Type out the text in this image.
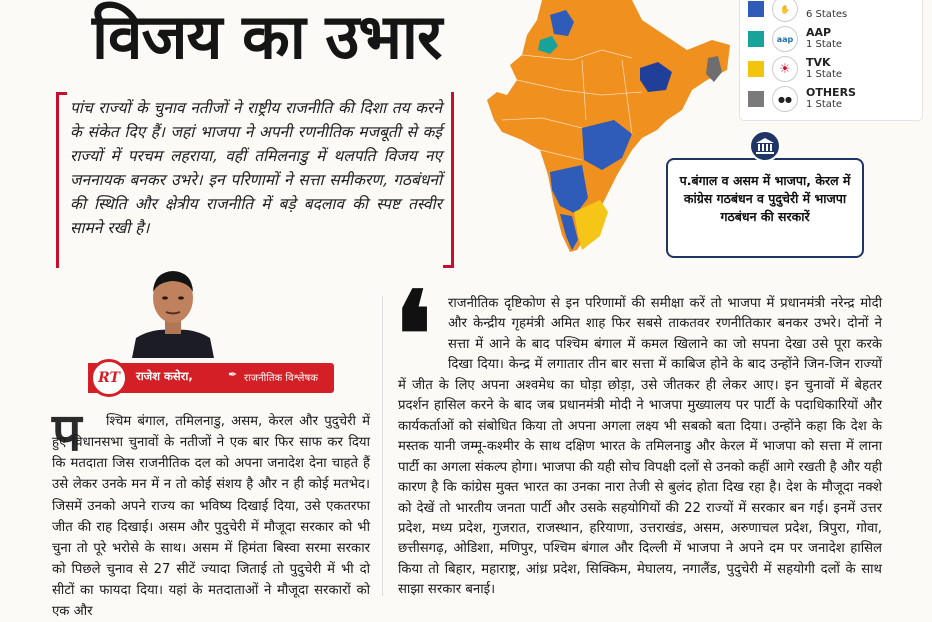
विजय का उभार	✋	6 States
aap	AAP
1 State
☀	TVK
1 State
●●	OTHERS
1 State
प.बंगाल व असम में भाजपा, केरल में कांग्रेस गठबंधन व पुदुचेरी में भाजपा गठबंधन की सरकारें
पांच राज्यों के चुनाव नतीजों ने राष्ट्रीय राजनीति की दिशा तय करने के संकेत दिए हैं। जहां भाजपा ने अपनी रणनीतिक मजबूती से कई राज्यों में परचम लहराया, वहीं तमिलनाडु में थलपति विजय नए जननायक बनकर उभरे। इन परिणामों ने सत्ता समीकरण, गठबंधनों की स्थिति और क्षेत्रीय राजनीति में बड़े बदलाव की स्पष्ट तस्वीर सामने रखी है।
RT	राजेश कसेरा,	✒ राजनीतिक विश्लेषक
प	श्चिम बंगाल, तमिलनाडु, असम, केरल और पुदुचेरी में हुए विधानसभा चुनावों के नतीजों ने एक बार फिर साफ कर दिया कि मतदाता जिस राजनीतिक दल को अपना जनादेश देना चाहते हैं उसे लेकर उनके मन में न तो कोई संशय है और न ही कोई मतभेद। जिसमें उनको अपने राज्य का भविष्य दिखाई दिया, उसे एकतरफा जीत की राह दिखाई। असम और पुदुचेरी में मौजूदा सरकार को भी चुना तो पूरे भरोसे के साथ। असम में हिमंता बिस्वा सरमा सरकार को पिछले चुनाव से 27 सीटें ज्यादा जिताई तो पुदुचेरी में भी दो सीटों का फायदा दिया। यहां के मतदाताओं ने मौजूदा सरकारों को एक और
❛	राजनीतिक दृष्टिकोण से इन परिणामों की समीक्षा करें तो भाजपा में प्रधानमंत्री नरेन्द्र मोदी और केन्द्रीय गृहमंत्री अमित शाह फिर सबसे ताकतवर रणनीतिकार बनकर उभरे। दोनों ने सत्ता में आने के बाद पश्चिम बंगाल में कमल खिलाने का जो सपना देखा उसे पूरा करके दिखा दिया। केन्द्र में लगातार तीन बार सत्ता में काबिज होने के बाद उन्होंने जिन-जिन राज्यों में जीत के लिए अपना अश्वमेध का घोड़ा छोड़ा, उसे जीतकर ही लेकर आए। इन चुनावों में बेहतर प्रदर्शन हासिल करने के बाद जब प्रधानमंत्री मोदी ने भाजपा मुख्यालय पर पार्टी के पदाधिकारियों और कार्यकर्ताओं को संबोधित किया तो अपना अगला लक्ष्य भी सबको बता दिया। उन्होंने कहा कि देश के मस्तक यानी जम्मू-कश्मीर के साथ दक्षिण भारत के तमिलनाडु और केरल में भाजपा को सत्ता में लाना पार्टी का अगला संकल्प होगा। भाजपा की यही सोच विपक्षी दलों से उनको कहीं आगे रखती है और यही कारण है कि कांग्रेस मुक्त भारत का उनका नारा तेजी से बुलंद होता दिख रहा है। देश के मौजूदा नक्शे को देखें तो भारतीय जनता पार्टी और उसके सहयोगियों की 22 राज्यों में सरकार बन गई। इनमें उत्तर प्रदेश, मध्य प्रदेश, गुजरात, राजस्थान, हरियाणा, उत्तराखंड, असम, अरुणाचल प्रदेश, त्रिपुरा, गोवा, छत्तीसगढ़, ओडिशा, मणिपुर, पश्चिम बंगाल और दिल्ली में भाजपा ने अपने दम पर जनादेश हासिल किया तो बिहार, महाराष्ट्र, आंध्र प्रदेश, सिक्किम, मेघालय, नगालैंड, पुदुचेरी में सहयोगी दलों के साथ साझा सरकार बनाई।
